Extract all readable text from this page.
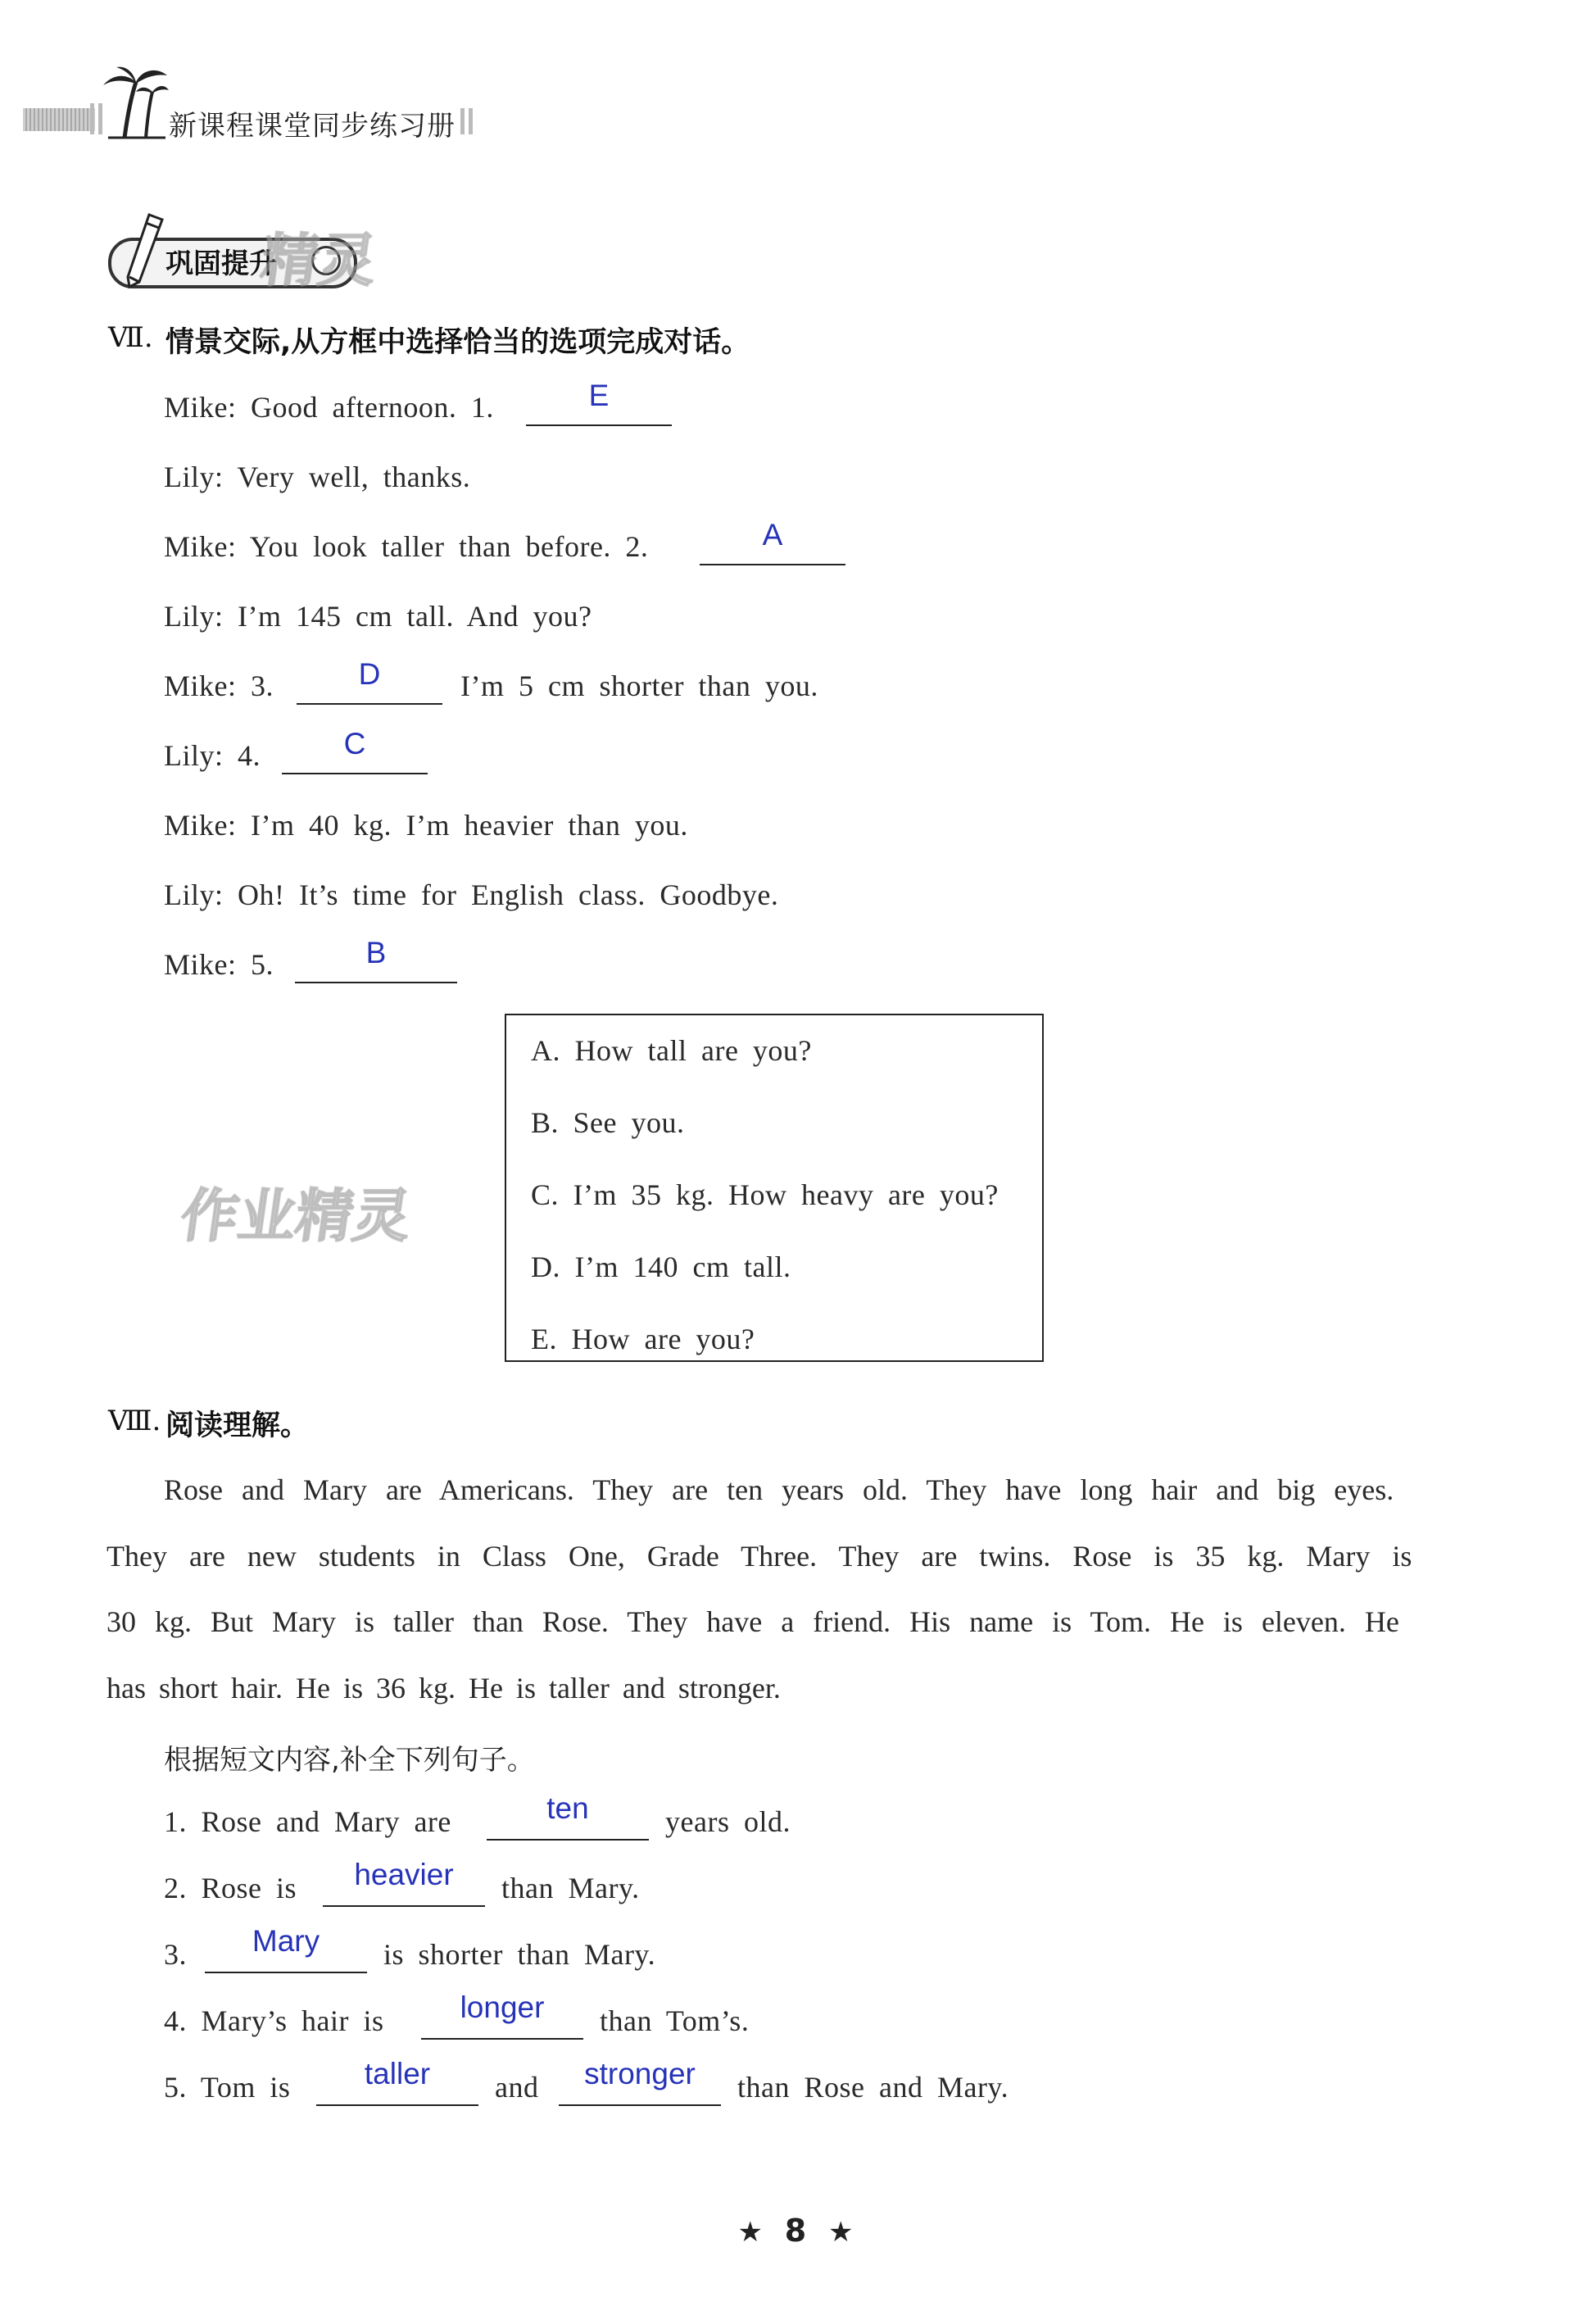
新课程课堂同步练习册
巩固提升
精灵
Ⅶ. 情景交际,从方框中选择恰当的选项完成对话。
Mike: Good afternoon. 1.	E
Lily: Very well, thanks.
Mike: You look taller than before. 2.	A
Lily: I’m 145 cm tall. And you?
Mike: 3.	D	I’m 5 cm shorter than you.
Lily: 4.	C
Mike: I’m 40 kg. I’m heavier than you.
Lily: Oh! It’s time for English class. Goodbye.
Mike: 5.	B
A. How tall are you?
B. See you.
C. I’m 35 kg. How heavy are you?
D. I’m 140 cm tall.
E. How are you?
作业精灵
Ⅷ. 阅读理解。
Rose and Mary are Americans. They are ten years old. They have long hair and big eyes.
They are new students in Class One, Grade Three. They are twins. Rose is 35 kg. Mary is
30 kg. But Mary is taller than Rose. They have a friend. His name is Tom. He is eleven. He
has short hair. He is 36 kg. He is taller and stronger.
根据短文内容,补全下列句子。
1. Rose and Mary are	ten	years old.
2. Rose is heavier than Mary.
3. Mary is shorter than Mary.
4. Mary’s hair is	longer than Tom’s.
5. Tom is taller and stronger than Rose and Mary.
★ 8 ★
